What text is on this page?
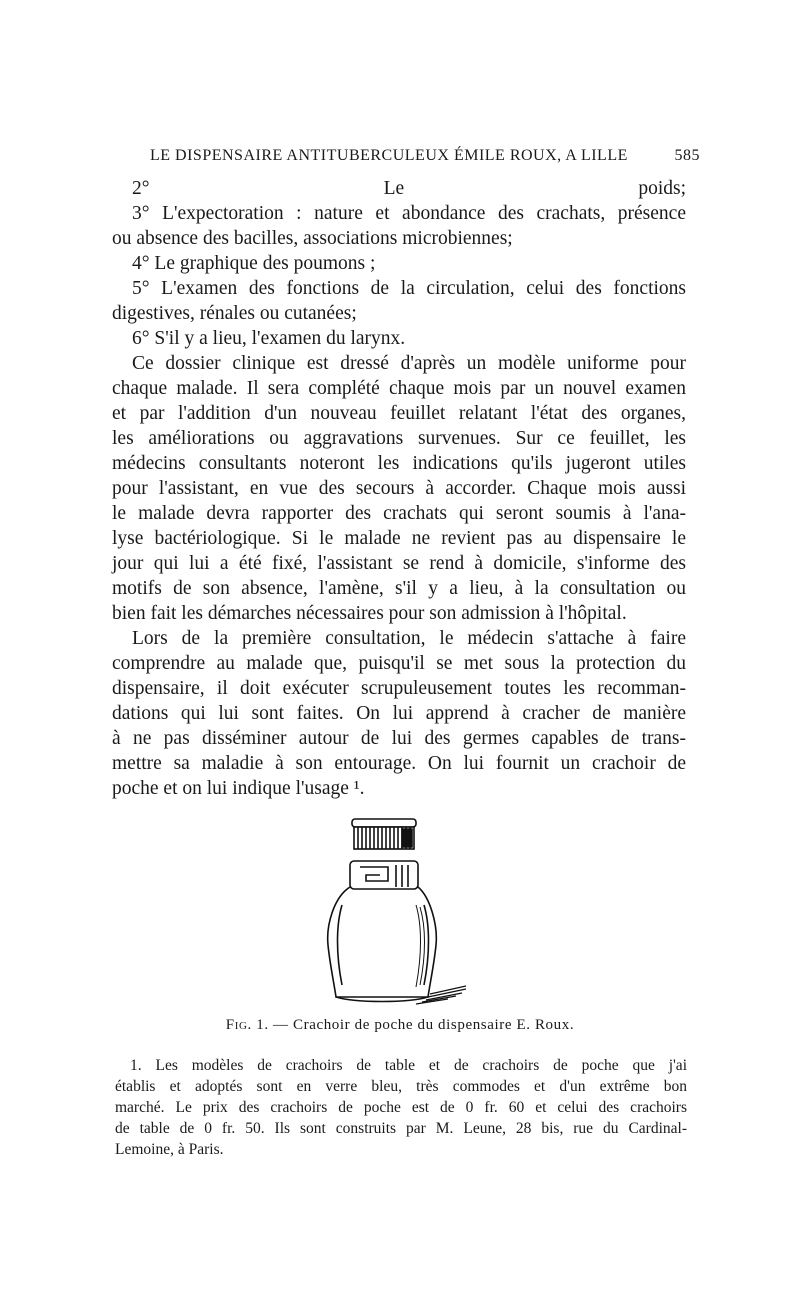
LE DISPENSAIRE ANTITUBERCULEUX ÉMILE ROUX, A LILLE	585
2° Le poids;
3° L'expectoration : nature et abondance des crachats, présence
ou absence des bacilles, associations microbiennes;
4° Le graphique des poumons ;
5° L'examen des fonctions de la circulation, celui des fonctions
digestives, rénales ou cutanées;
6° S'il y a lieu, l'examen du larynx.
Ce dossier clinique est dressé d'après un modèle uniforme pour
chaque malade. Il sera complété chaque mois par un nouvel examen
et par l'addition d'un nouveau feuillet relatant l'état des organes,
les améliorations ou aggravations survenues. Sur ce feuillet, les
médecins consultants noteront les indications qu'ils jugeront utiles
pour l'assistant, en vue des secours à accorder. Chaque mois aussi
le malade devra rapporter des crachats qui seront soumis à l'ana-
lyse bactériologique. Si le malade ne revient pas au dispensaire le
jour qui lui a été fixé, l'assistant se rend à domicile, s'informe des
motifs de son absence, l'amène, s'il y a lieu, à la consultation ou
bien fait les démarches nécessaires pour son admission à l'hôpital.
Lors de la première consultation, le médecin s'attache à faire
comprendre au malade que, puisqu'il se met sous la protection du
dispensaire, il doit exécuter scrupuleusement toutes les recomman-
dations qui lui sont faites. On lui apprend à cracher de manière
à ne pas disséminer autour de lui des germes capables de trans-
mettre sa maladie à son entourage. On lui fournit un crachoir de
poche et on lui indique l'usage ¹.
Fig. 1. — Crachoir de poche du dispensaire E. Roux.
1. Les modèles de crachoirs de table et de crachoirs de poche que j'ai
établis et adoptés sont en verre bleu, très commodes et d'un extrême bon
marché. Le prix des crachoirs de poche est de 0 fr. 60 et celui des crachoirs
de table de 0 fr. 50. Ils sont construits par M. Leune, 28 bis, rue du Cardinal-
Lemoine, à Paris.
